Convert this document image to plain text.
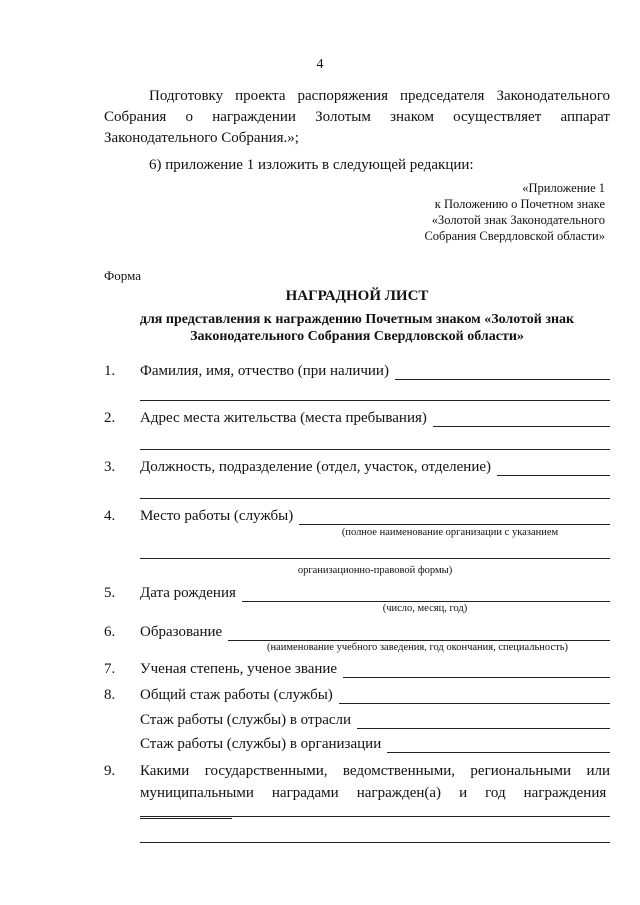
4

Подготовку проекта распоряжения председателя Законодательного Собрания о награждении Золотым знаком осуществляет аппарат Законодательного Собрания.»;

6) приложение 1 изложить в следующей редакции:

«Приложение 1
к Положению о Почетном знаке
«Золотой знак Законодательного
Собрания Свердловской области»
Форма
НАГРАДНОЙ ЛИСТ
для представления к награждению Почетным знаком «Золотой знак
Законодательного Собрания Свердловской области»
1.	Фамилия, имя, отчество (при наличии)
2.	Адрес места жительства (места пребывания)
3.	Должность, подразделение (отдел, участок, отделение)
4.	Место работы (службы)
(полное наименование организации с указанием
организационно-правовой формы)
5.	Дата рождения
(число, месяц, год)
6.	Образование
(наименование учебного заведения, год окончания, специальность)
7.	Ученая степень, ученое звание
8.	Общий стаж работы (службы)
Стаж работы (службы) в отрасли
Стаж работы (службы) в организации
9.	Какими государственными, ведомственными, региональными или муниципальными наградами награжден(а) и год награждения
